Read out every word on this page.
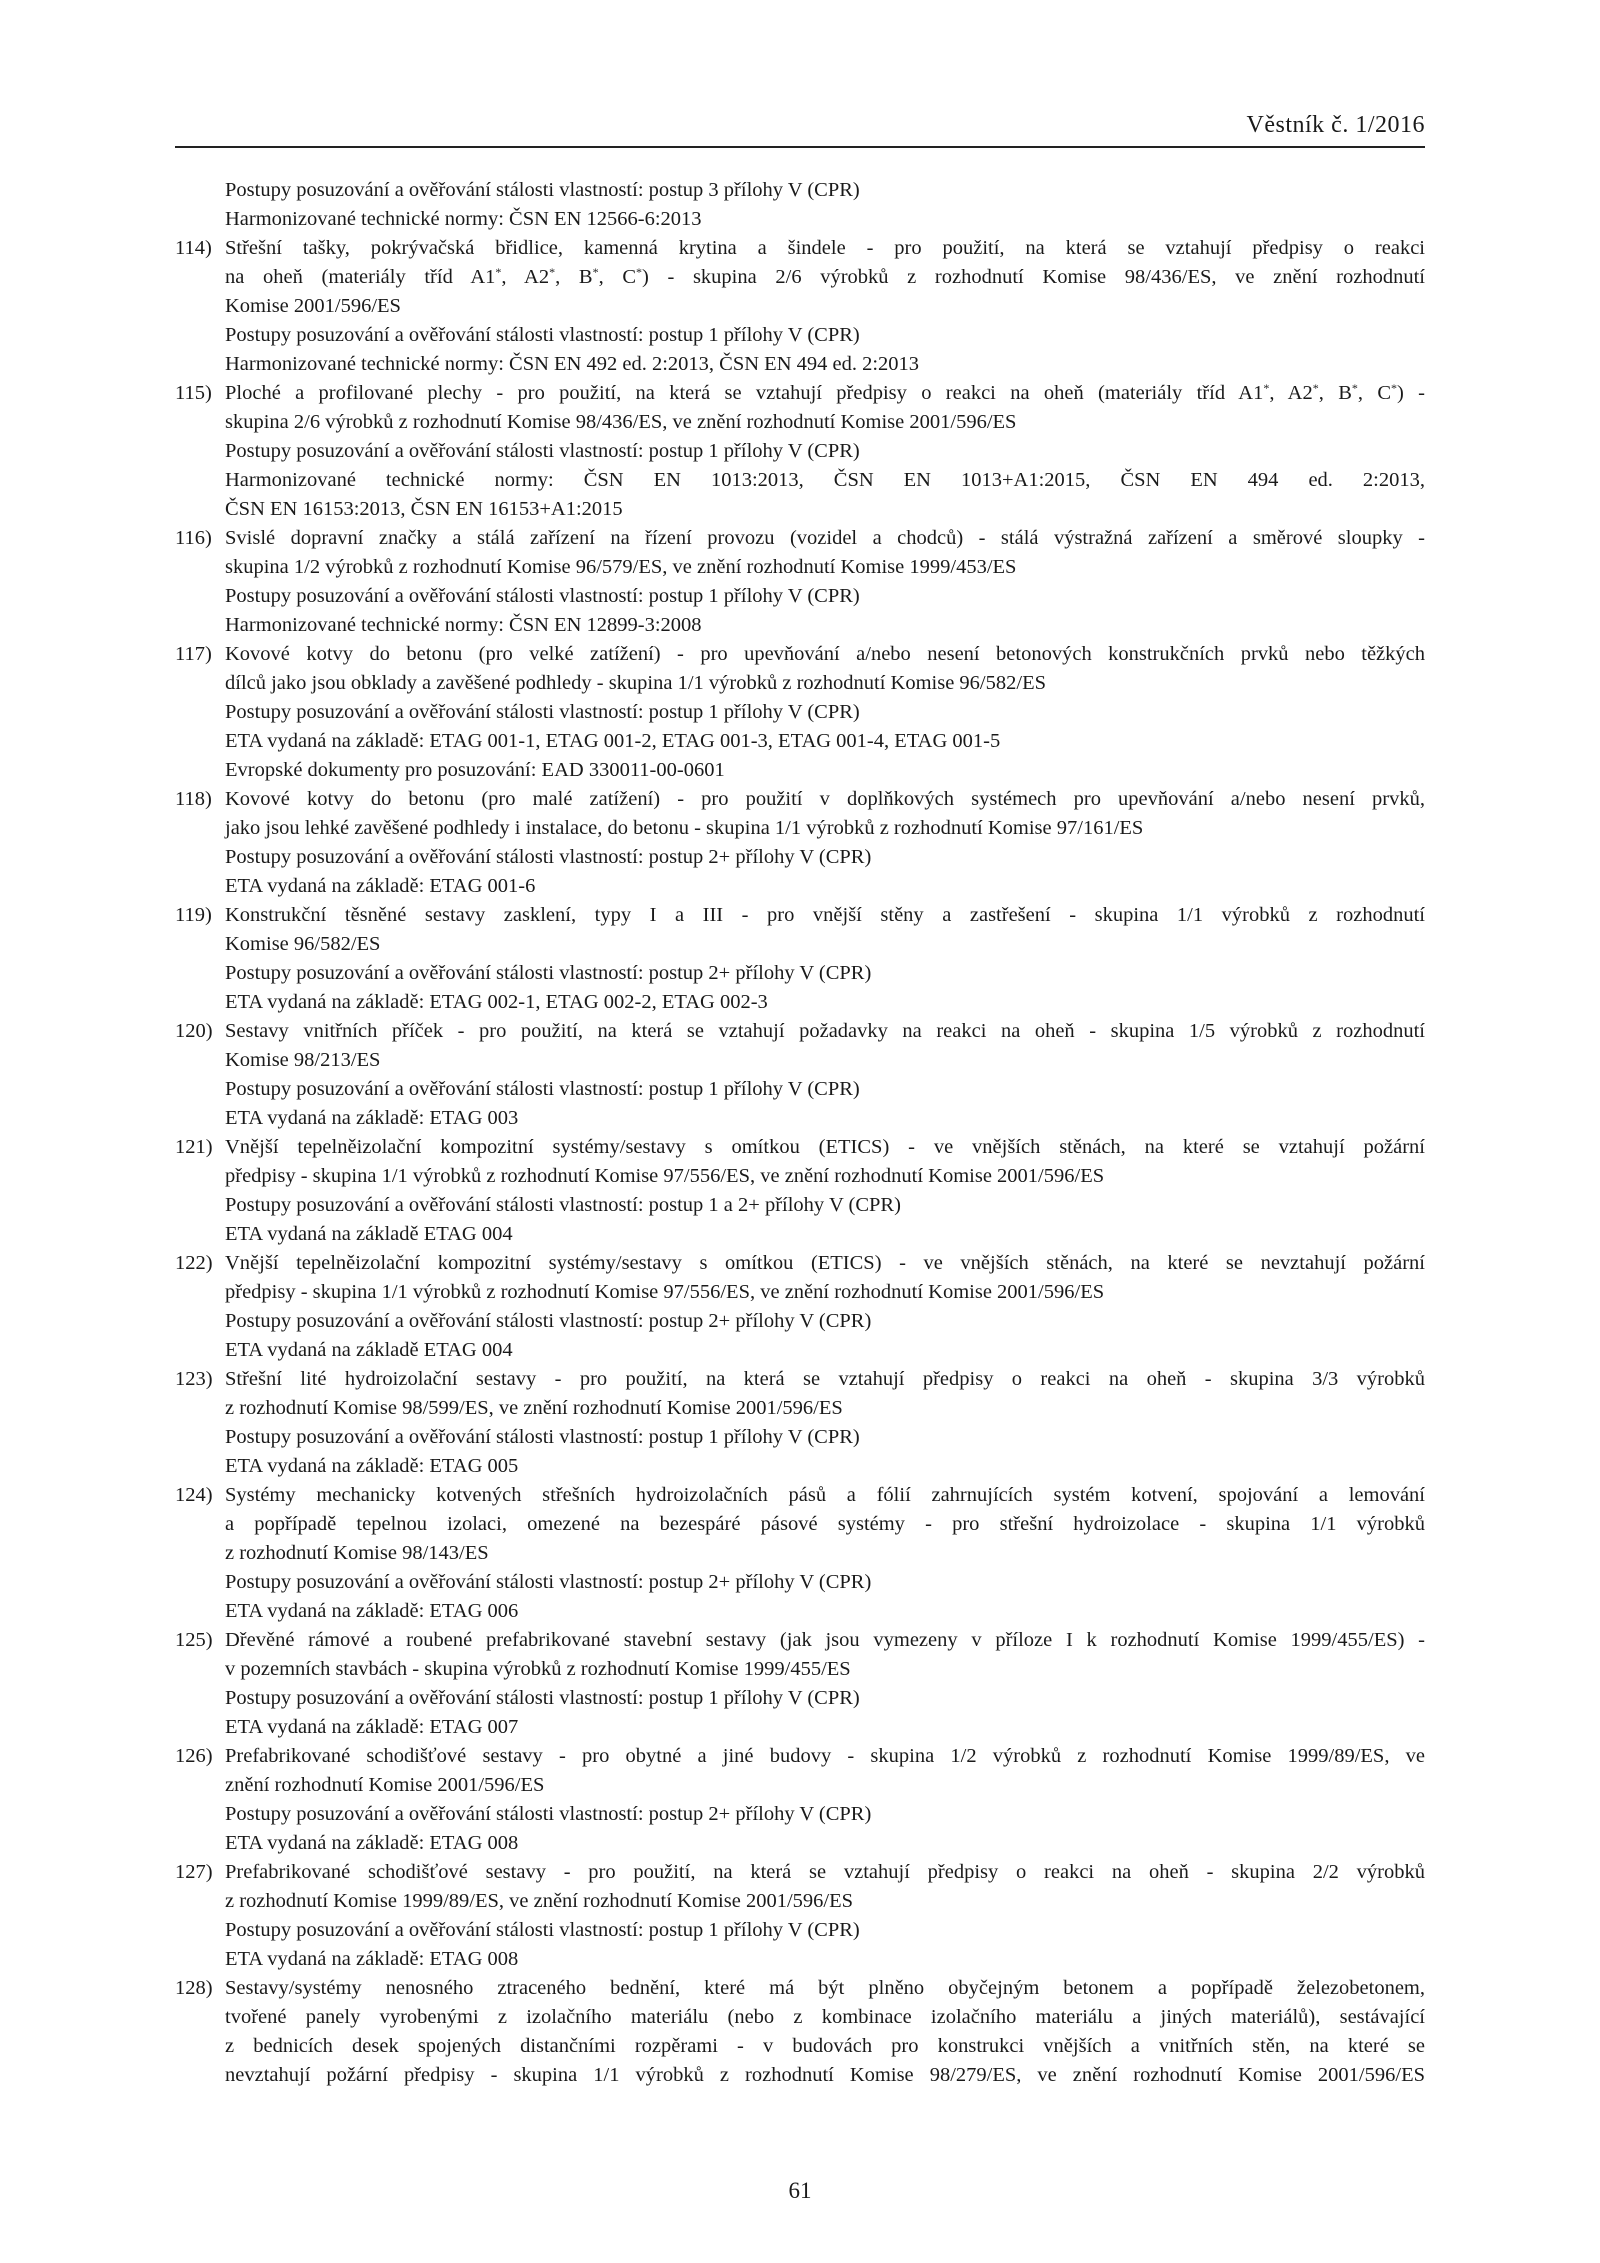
Věstník č. 1/2016
Postupy posuzování a ověřování stálosti vlastností: postup 3 přílohy V (CPR)
Harmonizované technické normy: ČSN EN 12566-6:2013
114) Střešní tašky, pokrývačská břidlice, kamenná krytina a šindele - pro použití, na která se vztahují předpisy o reakci
na oheň (materiály tříd A1*, A2*, B*, C*) - skupina 2/6 výrobků z rozhodnutí Komise 98/436/ES, ve znění rozhodnutí
Komise 2001/596/ES
Postupy posuzování a ověřování stálosti vlastností: postup 1 přílohy V (CPR)
Harmonizované technické normy: ČSN EN 492 ed. 2:2013, ČSN EN 494 ed. 2:2013
115) Ploché a profilované plechy - pro použití, na která se vztahují předpisy o reakci na oheň (materiály tříd A1*, A2*, B*, C*) -
skupina 2/6 výrobků z rozhodnutí Komise 98/436/ES, ve znění rozhodnutí Komise 2001/596/ES
Postupy posuzování a ověřování stálosti vlastností: postup 1 přílohy V (CPR)
Harmonizované technické normy: ČSN EN 1013:2013, ČSN EN 1013+A1:2015, ČSN EN 494 ed. 2:2013,
ČSN EN 16153:2013, ČSN EN 16153+A1:2015
116) Svislé dopravní značky a stálá zařízení na řízení provozu (vozidel a chodců) - stálá výstražná zařízení a směrové sloupky -
skupina 1/2 výrobků z rozhodnutí Komise 96/579/ES, ve znění rozhodnutí Komise 1999/453/ES
Postupy posuzování a ověřování stálosti vlastností: postup 1 přílohy V (CPR)
Harmonizované technické normy: ČSN EN 12899-3:2008
117) Kovové kotvy do betonu (pro velké zatížení) - pro upevňování a/nebo nesení betonových konstrukčních prvků nebo těžkých
dílců jako jsou obklady a zavěšené podhledy - skupina 1/1 výrobků z rozhodnutí Komise 96/582/ES
Postupy posuzování a ověřování stálosti vlastností: postup 1 přílohy V (CPR)
ETA vydaná na základě: ETAG 001-1, ETAG 001-2, ETAG 001-3, ETAG 001-4, ETAG 001-5
Evropské dokumenty pro posuzování: EAD 330011-00-0601
118) Kovové kotvy do betonu (pro malé zatížení) - pro použití v doplňkových systémech pro upevňování a/nebo nesení prvků,
jako jsou lehké zavěšené podhledy i instalace, do betonu - skupina 1/1 výrobků z rozhodnutí Komise 97/161/ES
Postupy posuzování a ověřování stálosti vlastností: postup 2+ přílohy V (CPR)
ETA vydaná na základě: ETAG 001-6
119) Konstrukční těsněné sestavy zasklení, typy I a III - pro vnější stěny a zastřešení - skupina 1/1 výrobků z rozhodnutí
Komise 96/582/ES
Postupy posuzování a ověřování stálosti vlastností: postup 2+ přílohy V (CPR)
ETA vydaná na základě: ETAG 002-1, ETAG 002-2, ETAG 002-3
120) Sestavy vnitřních příček - pro použití, na která se vztahují požadavky na reakci na oheň - skupina 1/5 výrobků z rozhodnutí
Komise 98/213/ES
Postupy posuzování a ověřování stálosti vlastností: postup 1 přílohy V (CPR)
ETA vydaná na základě: ETAG 003
121) Vnější tepelněizolační kompozitní systémy/sestavy s omítkou (ETICS) - ve vnějších stěnách, na které se vztahují požární
předpisy - skupina 1/1 výrobků z rozhodnutí Komise 97/556/ES, ve znění rozhodnutí Komise 2001/596/ES
Postupy posuzování a ověřování stálosti vlastností: postup 1 a 2+ přílohy V (CPR)
ETA vydaná na základě ETAG 004
122) Vnější tepelněizolační kompozitní systémy/sestavy s omítkou (ETICS) - ve vnějších stěnách, na které se nevztahují požární
předpisy - skupina 1/1 výrobků z rozhodnutí Komise 97/556/ES, ve znění rozhodnutí Komise 2001/596/ES
Postupy posuzování a ověřování stálosti vlastností: postup 2+ přílohy V (CPR)
ETA vydaná na základě ETAG 004
123) Střešní lité hydroizolační sestavy - pro použití, na která se vztahují předpisy o reakci na oheň - skupina 3/3 výrobků
z rozhodnutí Komise 98/599/ES, ve znění rozhodnutí Komise 2001/596/ES
Postupy posuzování a ověřování stálosti vlastností: postup 1 přílohy V (CPR)
ETA vydaná na základě: ETAG 005
124) Systémy mechanicky kotvených střešních hydroizolačních pásů a fólií zahrnujících systém kotvení, spojování a lemování
a popřípadě tepelnou izolaci, omezené na bezespáré pásové systémy - pro střešní hydroizolace - skupina 1/1 výrobků
z rozhodnutí Komise 98/143/ES
Postupy posuzování a ověřování stálosti vlastností: postup 2+ přílohy V (CPR)
ETA vydaná na základě: ETAG 006
125) Dřevěné rámové a roubené prefabrikované stavební sestavy (jak jsou vymezeny v příloze I k rozhodnutí Komise 1999/455/ES) -
v pozemních stavbách - skupina výrobků z rozhodnutí Komise 1999/455/ES
Postupy posuzování a ověřování stálosti vlastností: postup 1 přílohy V (CPR)
ETA vydaná na základě: ETAG 007
126) Prefabrikované schodišťové sestavy - pro obytné a jiné budovy - skupina 1/2 výrobků z rozhodnutí Komise 1999/89/ES, ve
znění rozhodnutí Komise 2001/596/ES
Postupy posuzování a ověřování stálosti vlastností: postup 2+ přílohy V (CPR)
ETA vydaná na základě: ETAG 008
127) Prefabrikované schodišťové sestavy - pro použití, na která se vztahují předpisy o reakci na oheň - skupina 2/2 výrobků
z rozhodnutí Komise 1999/89/ES, ve znění rozhodnutí Komise 2001/596/ES
Postupy posuzování a ověřování stálosti vlastností: postup 1 přílohy V (CPR)
ETA vydaná na základě: ETAG 008
128) Sestavy/systémy nenosného ztraceného bednění, které má být plněno obyčejným betonem a popřípadě železobetonem,
tvořené panely vyrobenými z izolačního materiálu (nebo z kombinace izolačního materiálu a jiných materiálů), sestávající
z bednicích desek spojených distančními rozpěrami - v budovách pro konstrukci vnějších a vnitřních stěn, na které se
nevztahují požární předpisy - skupina 1/1 výrobků z rozhodnutí Komise 98/279/ES, ve znění rozhodnutí Komise 2001/596/ES
61
